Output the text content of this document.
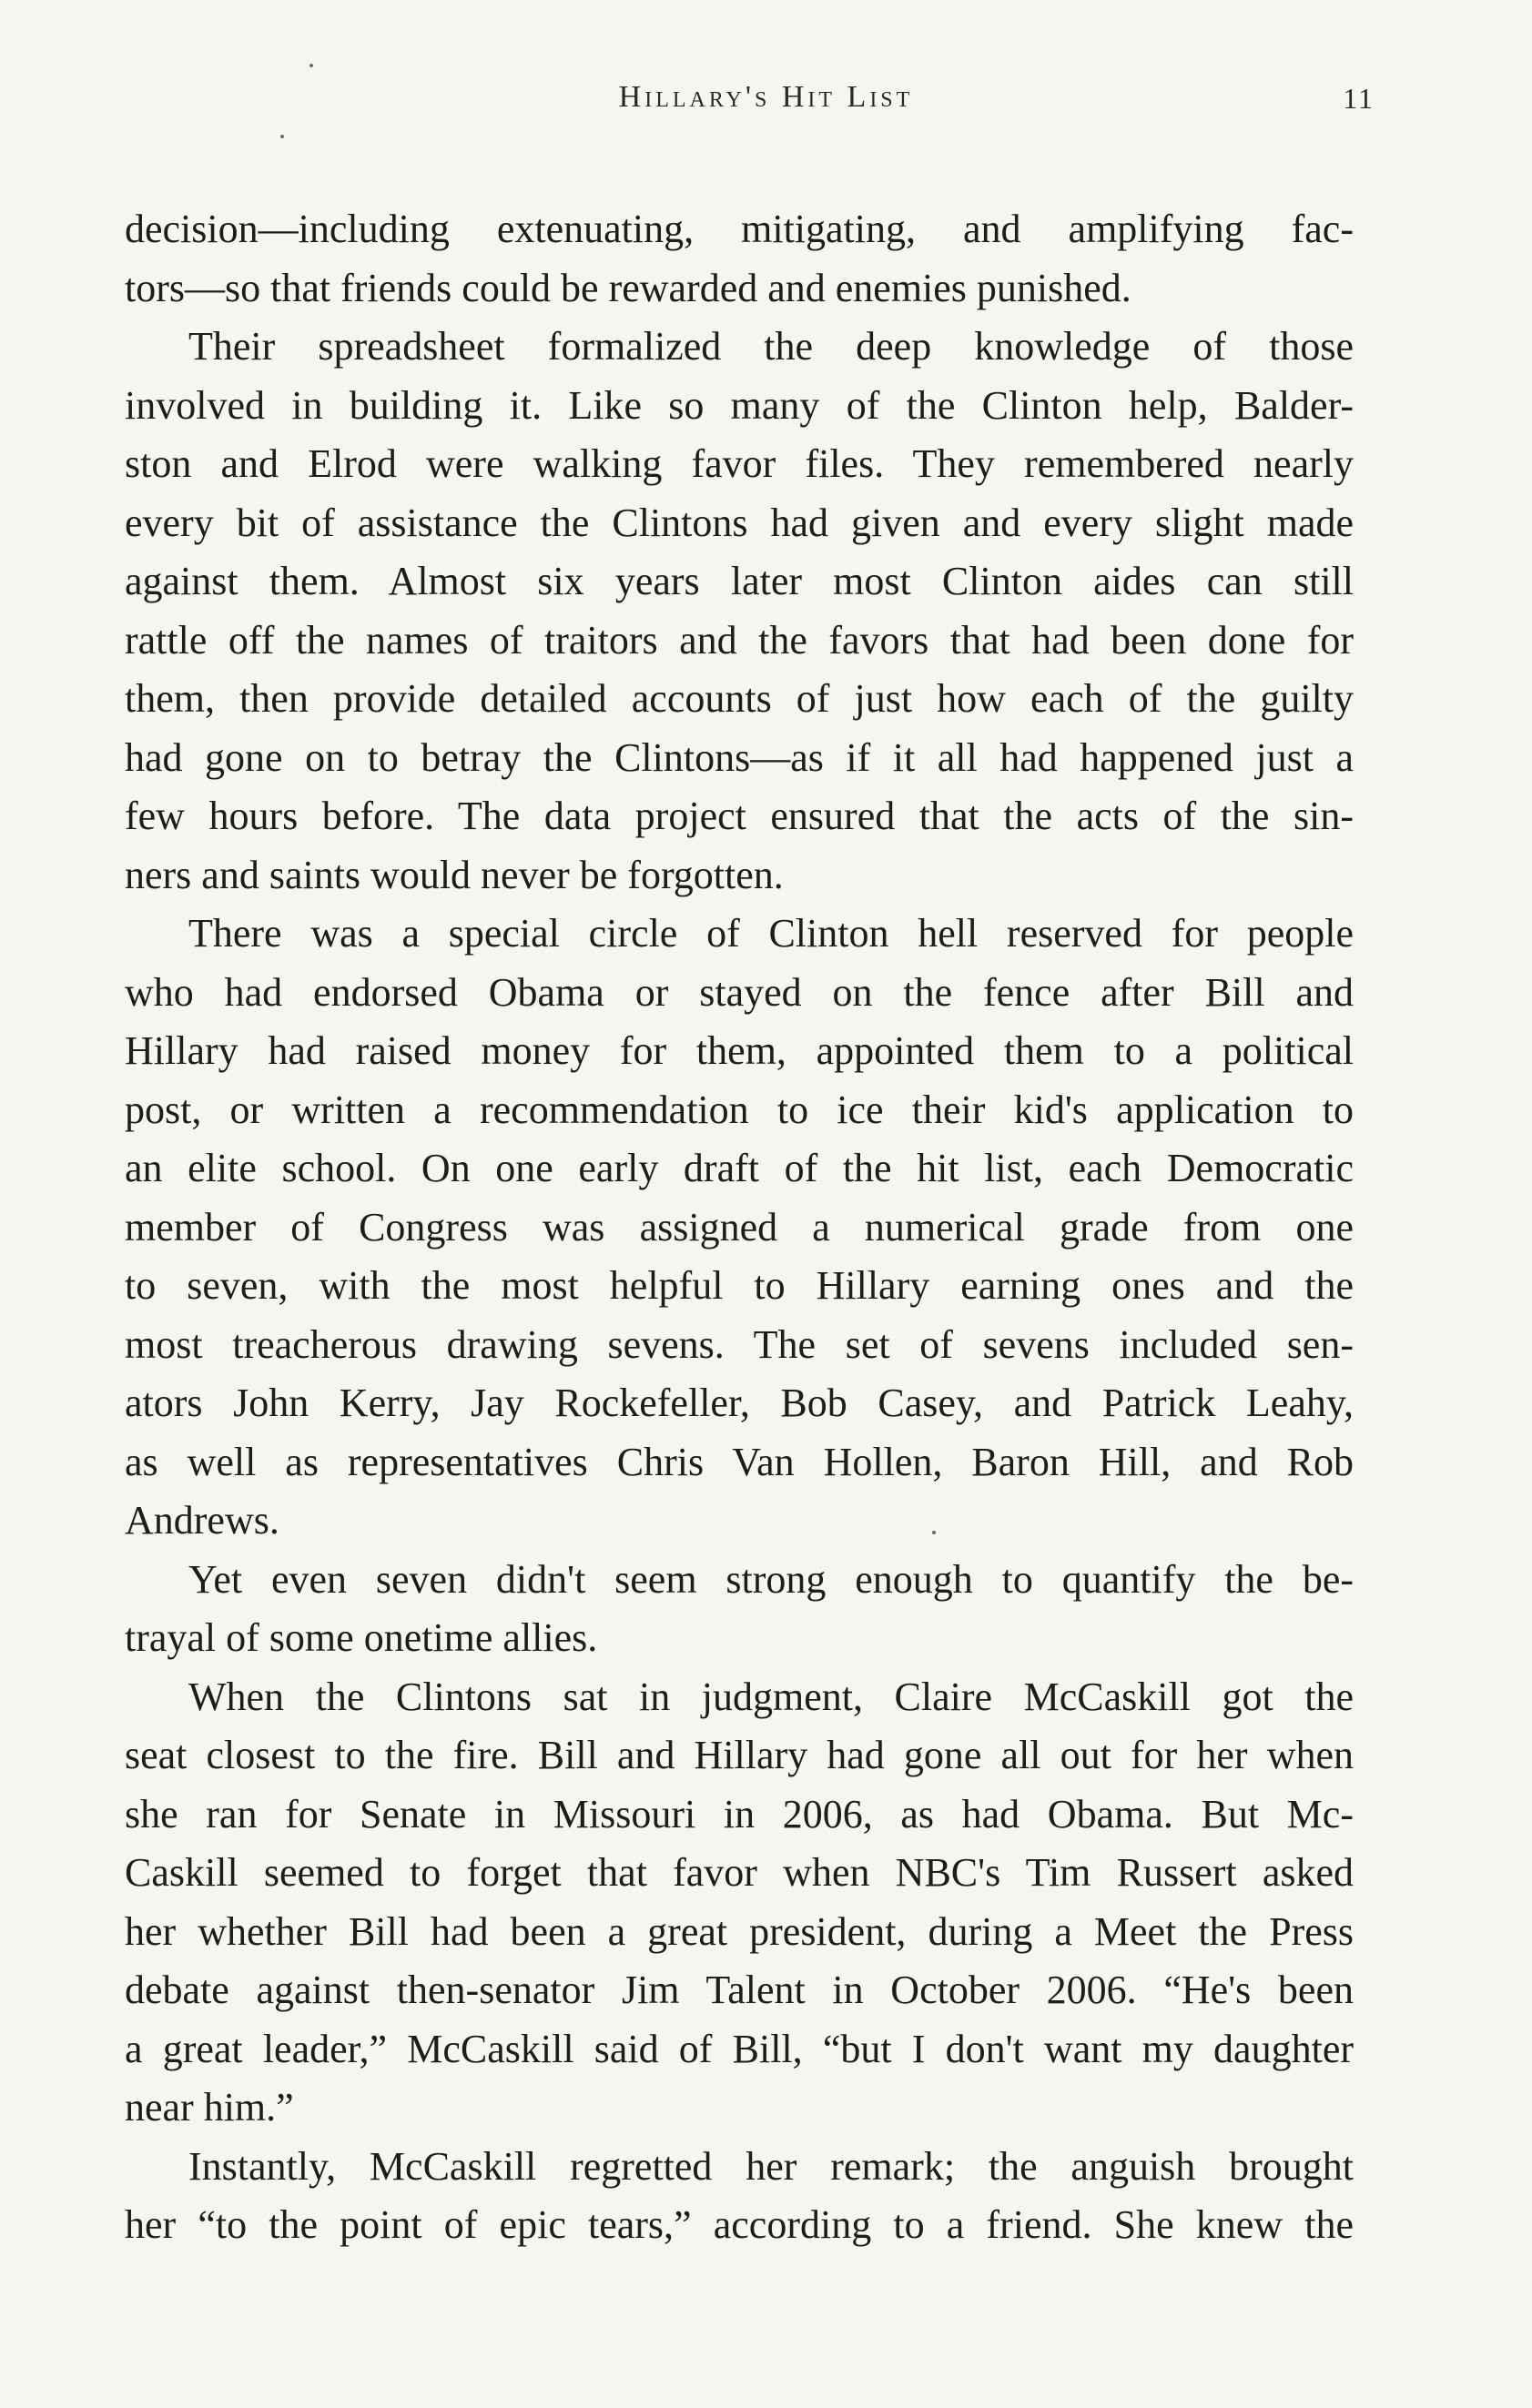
Hillary's Hit List	11
decision—including extenuating, mitigating, and amplifying fac-
tors—so that friends could be rewarded and enemies punished.
Their spreadsheet formalized the deep knowledge of those
involved in building it. Like so many of the Clinton help, Balder-
ston and Elrod were walking favor files. They remembered nearly
every bit of assistance the Clintons had given and every slight made
against them. Almost six years later most Clinton aides can still
rattle off the names of traitors and the favors that had been done for
them, then provide detailed accounts of just how each of the guilty
had gone on to betray the Clintons—as if it all had happened just a
few hours before. The data project ensured that the acts of the sin-
ners and saints would never be forgotten.
There was a special circle of Clinton hell reserved for people
who had endorsed Obama or stayed on the fence after Bill and
Hillary had raised money for them, appointed them to a political
post, or written a recommendation to ice their kid's application to
an elite school. On one early draft of the hit list, each Democratic
member of Congress was assigned a numerical grade from one
to seven, with the most helpful to Hillary earning ones and the
most treacherous drawing sevens. The set of sevens included sen-
ators John Kerry, Jay Rockefeller, Bob Casey, and Patrick Leahy,
as well as representatives Chris Van Hollen, Baron Hill, and Rob
Andrews.
Yet even seven didn't seem strong enough to quantify the be-
trayal of some onetime allies.
When the Clintons sat in judgment, Claire McCaskill got the
seat closest to the fire. Bill and Hillary had gone all out for her when
she ran for Senate in Missouri in 2006, as had Obama. But Mc-
Caskill seemed to forget that favor when NBC's Tim Russert asked
her whether Bill had been a great president, during a Meet the Press
debate against then-senator Jim Talent in October 2006. “He's been
a great leader,” McCaskill said of Bill, “but I don't want my daughter
near him.”
Instantly, McCaskill regretted her remark; the anguish brought
her “to the point of epic tears,” according to a friend. She knew the
